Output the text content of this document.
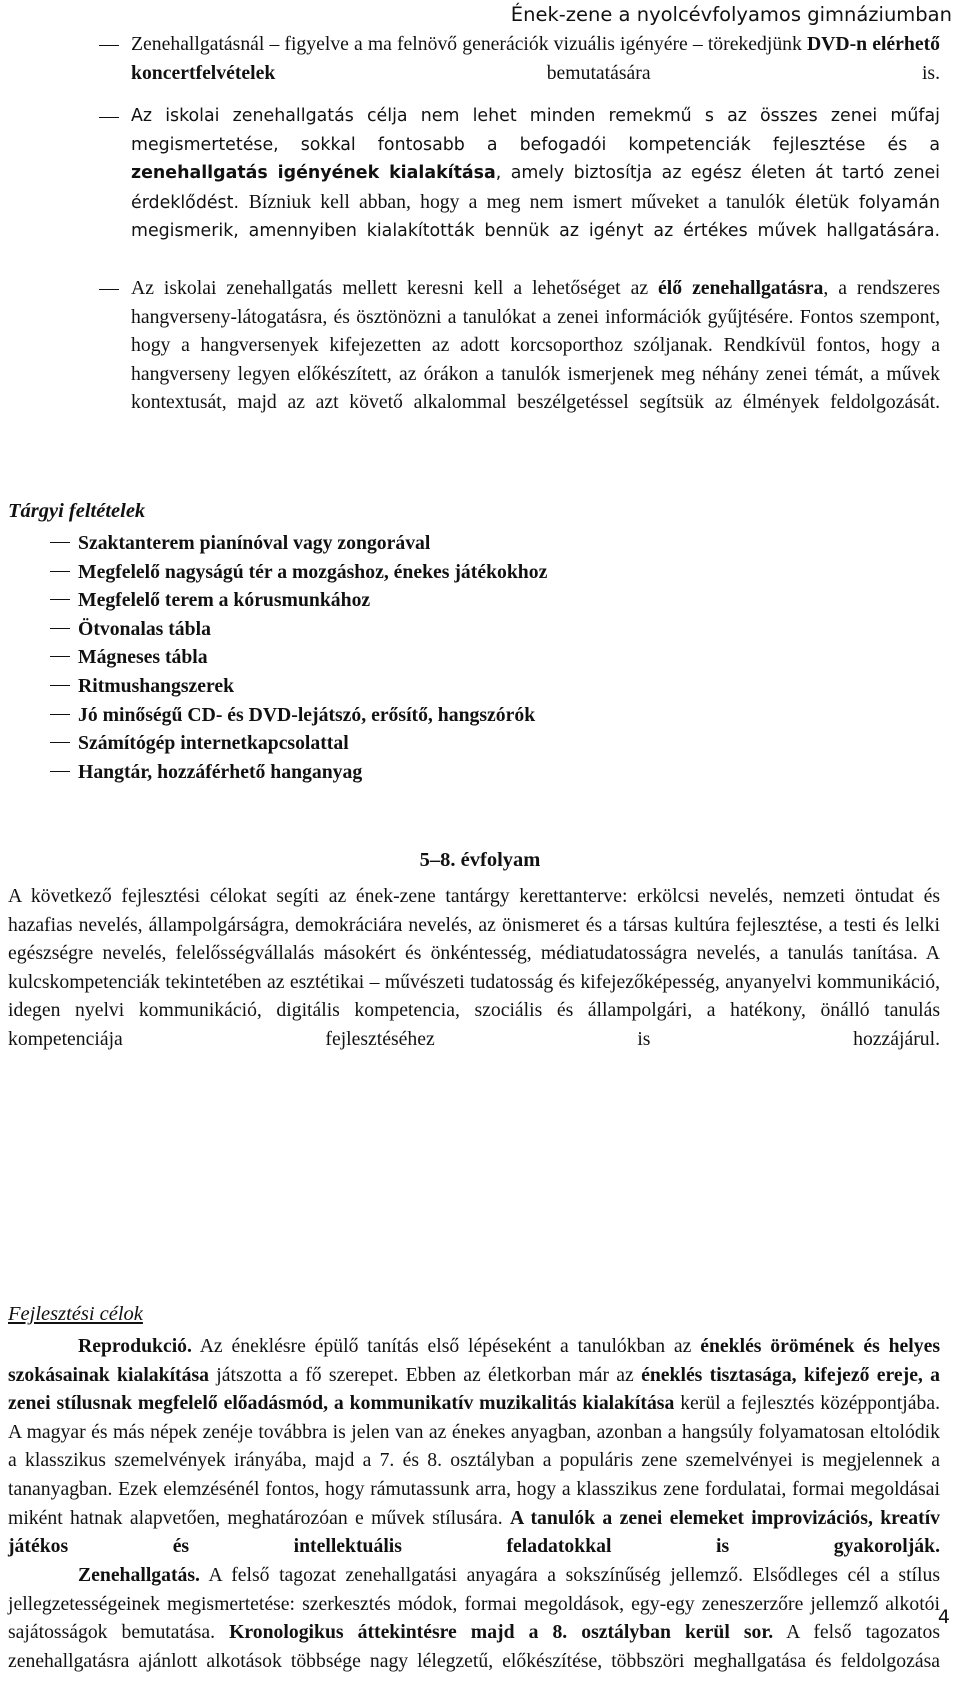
Ének-zene a nyolcévfolyamos gimnáziumban
Zenehallgatásnál – figyelve a ma felnövő generációk vizuális igényére – törekedjünk DVD-n elérhető koncertfelvételek bemutatására is.
Az iskolai zenehallgatás célja nem lehet minden remekmű s az összes zenei műfaj megismertetése, sokkal fontosabb a befogadói kompetenciák fejlesztése és a zenehallgatás igényének kialakítása, amely biztosítja az egész életen át tartó zenei érdeklődést. Bízniuk kell abban, hogy a meg nem ismert műveket a tanulók életük folyamán megismerik, amennyiben kialakították bennük az igényt az értékes művek hallgatására.
Az iskolai zenehallgatás mellett keresni kell a lehetőséget az élő zenehallgatásra, a rendszeres hangverseny-látogatásra, és ösztönözni a tanulókat a zenei információk gyűjtésére. Fontos szempont, hogy a hangversenyek kifejezetten az adott korcsoporthoz szóljanak. Rendkívül fontos, hogy a hangverseny legyen előkészített, az órákon a tanulók ismerjenek meg néhány zenei témát, a művek kontextusát, majd az azt követő alkalommal beszélgetéssel segítsük az élmények feldolgozását.
Tárgyi feltételek
Szaktanterem pianínóval vagy zongorával
Megfelelő nagyságú tér a mozgáshoz, énekes játékokhoz
Megfelelő terem a kórusmunkához
Ötvonalas tábla
Mágneses tábla
Ritmushangszerek
Jó minőségű CD- és DVD-lejátszó, erősítő, hangszórók
Számítógép internetkapcsolattal
Hangtár, hozzáférhető hanganyag
5–8. évfolyam
A következő fejlesztési célokat segíti az ének-zene tantárgy kerettanterve: erkölcsi nevelés, nemzeti öntudat és hazafias nevelés, állampolgárságra, demokráciára nevelés, az önismeret és a társas kultúra fejlesztése, a testi és lelki egészségre nevelés, felelősségvállalás másokért és önkéntesség, médiatudatosságra nevelés, a tanulás tanítása. A kulcskompetenciák tekintetében az esztétikai – művészeti tudatosság és kifejezőképesség, anyanyelvi kommunikáció, idegen nyelvi kommunikáció, digitális kompetencia, szociális és állampolgári, a hatékony, önálló tanulás kompetenciája fejlesztéséhez is hozzájárul.
Fejlesztési célok
Reprodukció. Az éneklésre épülő tanítás első lépéseként a tanulókban az éneklés örömének és helyes szokásainak kialakítása játszotta a fő szerepet. Ebben az életkorban már az éneklés tisztasága, kifejező ereje, a zenei stílusnak megfelelő előadásmód, a kommunikatív muzikalitás kialakítása kerül a fejlesztés középpontjába. A magyar és más népek zenéje továbbra is jelen van az énekes anyagban, azonban a hangsúly folyamatosan eltolódik a klasszikus szemelvények irányába, majd a 7. és 8. osztályban a populáris zene szemelvényei is megjelennek a tananyagban. Ezek elemzésénél fontos, hogy rámutassunk arra, hogy a klasszikus zene fordulatai, formai megoldásai miként hatnak alapvetően, meghatározóan e művek stílusára. A tanulók a zenei elemeket improvizációs, kreatív játékos és intellektuális feladatokkal is gyakorolják.
Zenehallgatás. A felső tagozat zenehallgatási anyagára a sokszínűség jellemző. Elsődleges cél a stílus jellegzetességeinek megismertetése: szerkesztés módok, formai megoldások, egy-egy zeneszerzőre jellemző alkotói sajátosságok bemutatása. Kronologikus áttekintésre majd a 8. osztályban kerül sor. A felső tagozatos zenehallgatásra ajánlott alkotások többsége nagy lélegzetű, előkészítése, többszöri meghallgatása és feldolgozása
4
